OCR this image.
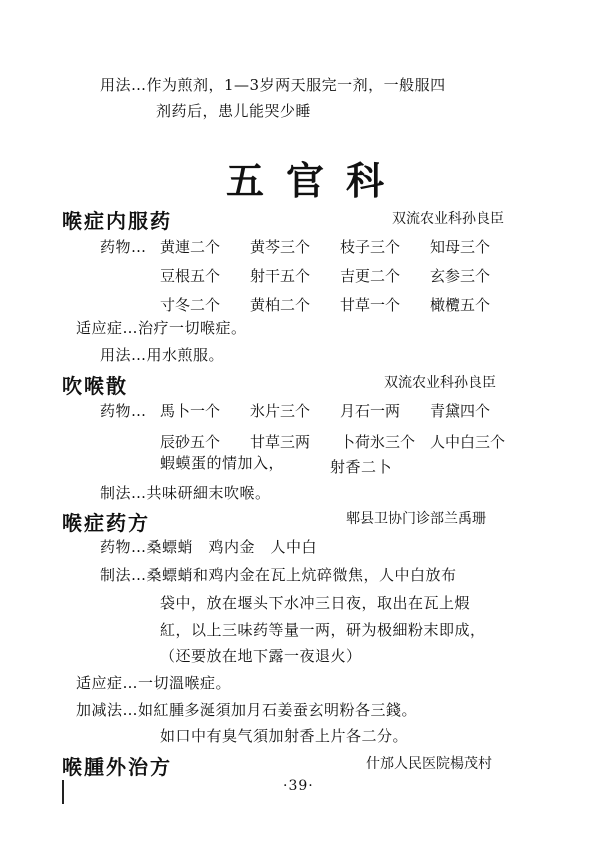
用法…作为煎剂，1—3岁两天服完一剂，一般服四
剂药后，患儿能哭少睡
五官科
喉症内服药	双流农业科孙良臣
药物… 黄連二个	黄芩三个	枝子三个	知母三个
豆根五个	射干五个	吉更二个	玄参三个
寸冬二个	黄柏二个	甘草一个	橄欖五个
适应症…治疗一切喉症。
用法…用水煎服。
吹喉散	双流农业科孙良臣
药物… 馬卜一个	氷片三个	月石一两	青黛四个
辰砂五个	甘草三两	卜荷氷三个 人中白三个
蝦蟆蛋的情加入，	射香二卜
制法…共味研細末吹喉。
喉症药方	郫县卫协门诊部兰禹珊
药物…桑螵蛸　鸡内金　人中白
制法…桑螵蛸和鸡内金在瓦上炕碎微焦，人中白放布
袋中，放在堰头下水冲三日夜，取出在瓦上煆
紅，以上三味药等量一两，研为极細粉末即成，
（还要放在地下露一夜退火）
适应症…一切溫喉症。
加减法…如紅腫多涎須加月石姜蚕玄明粉各三錢。
如口中有臭气須加射香上片各二分。
喉腫外治方	什邡人民医院楊茂村
·39·
